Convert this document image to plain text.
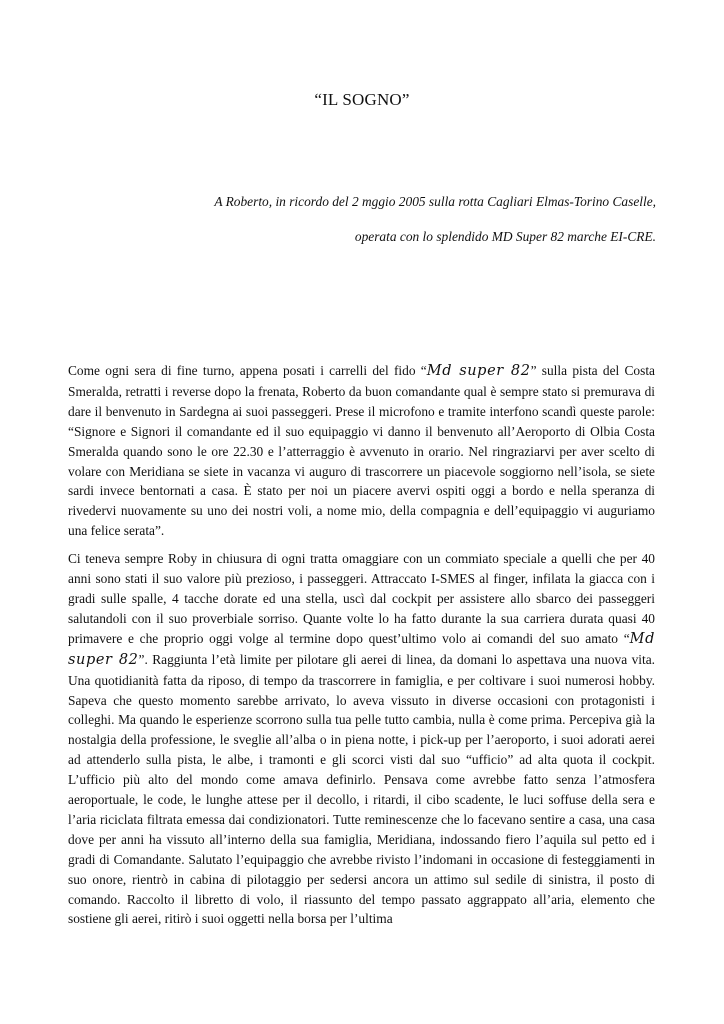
“IL SOGNO”
A Roberto, in ricordo del 2 mggio 2005 sulla rotta Cagliari Elmas-Torino Caselle,
operata con lo splendido MD Super 82 marche EI-CRE.

Come ogni sera di fine turno, appena posati i carrelli del fido “Md super 82” sulla pista del Costa Smeralda, retratti i reverse dopo la frenata, Roberto da buon comandante qual è sempre stato si premurava di dare il benvenuto in Sardegna ai suoi passeggeri. Prese il microfono e tramite interfono scandì queste parole: “Signore e Signori il comandante ed il suo equipaggio vi danno il benvenuto all’Aeroporto di Olbia Costa Smeralda quando sono le ore 22.30 e l’atterraggio è avvenuto in orario. Nel ringraziarvi per aver scelto di volare con Meridiana se siete in vacanza vi auguro di trascorrere un piacevole soggiorno nell’isola, se siete sardi invece bentornati a casa. È stato per noi un piacere avervi ospiti oggi a bordo e nella speranza di rivedervi nuovamente su uno dei nostri voli, a nome mio, della compagnia e dell’equipaggio vi auguriamo una felice serata”.

Ci teneva sempre Roby in chiusura di ogni tratta omaggiare con un commiato speciale a quelli che per 40 anni sono stati il suo valore più prezioso, i passeggeri. Attraccato I-SMES al finger, infilata la giacca con i gradi sulle spalle, 4 tacche dorate ed una stella, uscì dal cockpit per assistere allo sbarco dei passeggeri salutandoli con il suo proverbiale sorriso. Quante volte lo ha fatto durante la sua carriera durata quasi 40 primavere e che proprio oggi volge al termine dopo quest’ultimo volo ai comandi del suo amato “Md super 82”. Raggiunta l’età limite per pilotare gli aerei di linea, da domani lo aspettava una nuova vita. Una quotidianità fatta da riposo, di tempo da trascorrere in famiglia, e per coltivare i suoi numerosi hobby. Sapeva che questo momento sarebbe arrivato, lo aveva vissuto in diverse occasioni con protagonisti i colleghi. Ma quando le esperienze scorrono sulla tua pelle tutto cambia, nulla è come prima. Percepiva già la nostalgia della professione, le sveglie all’alba o in piena notte, i pick-up per l’aeroporto, i suoi adorati aerei ad attenderlo sulla pista, le albe, i tramonti e gli scorci visti dal suo “ufficio” ad alta quota il cockpit. L’ufficio più alto del mondo come amava definirlo. Pensava come avrebbe fatto senza l’atmosfera aeroportuale, le code, le lunghe attese per il decollo, i ritardi, il cibo scadente, le luci soffuse della sera e l’aria riciclata filtrata emessa dai condizionatori. Tutte reminescenze che lo facevano sentire a casa, una casa dove per anni ha vissuto all’interno della sua famiglia, Meridiana, indossando fiero l’aquila sul petto ed i gradi di Comandante. Salutato l’equipaggio che avrebbe rivisto l’indomani in occasione di festeggiamenti in suo onore, rientrò in cabina di pilotaggio per sedersi ancora un attimo sul sedile di sinistra, il posto di comando. Raccolto il libretto di volo, il riassunto del tempo passato aggrappato all’aria, elemento che sostiene gli aerei, ritirò i suoi oggetti nella borsa per l’ultima
